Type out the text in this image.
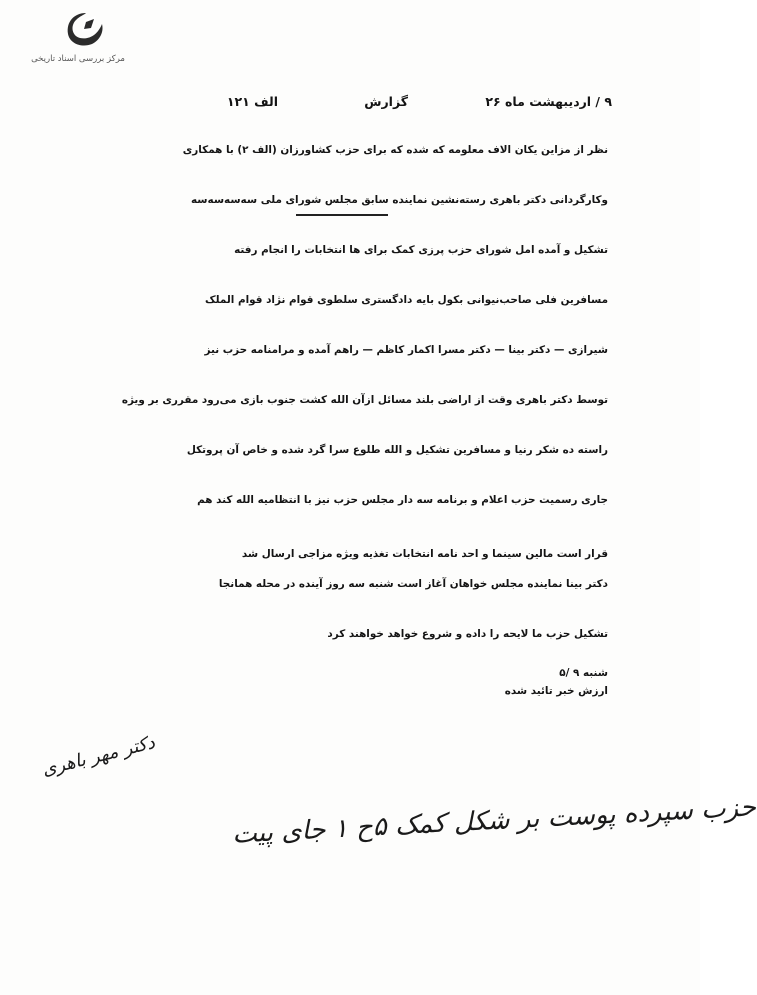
مرکز بررسی اسناد تاریخی
۹ / اردیبهشت ماه ۲۶
گزارش
الف ۱۲۱
نظر از مزاین یکان الاف معلومه که شده که برای حزب کشاورزان (الف ۲) با همکاری
وکارگردانی دکتر باهری رسته‌نشین نماینده سابق مجلس شورای ملی سه‌سه‌سه‌سه
تشکیل و آمده امل شورای حزب پرزی کمک برای ها انتخابات را انجام رفته
مسافرین فلی صاحب‌نیوانی بکول بایه دادگستری سلطوی قوام نژاد قوام الملک
شیرازی — دکتر بینا — دکتر مسرا اکمار کاظم — راهم آمده و مرامنامه حزب نیز
توسط دکتر باهری وقت از اراضی بلند مسائل ازآن الله کشت جنوب بازی می‌رود مقرری بر ویژه
راسته ده شکر رنیا و مسافرین تشکیل و الله طلوع سرا گرد شده و خاص آن پروتکل
جاری رسمیت حزب اعلام و برنامه سه دار مجلس حزب نیز با انتظامیه الله کند هم
قرار است مالین سینما و احد نامه انتخابات تغذیه ویژه مزاجی ارسال شد
دکتر بینا نماینده مجلس خواهان آغاز است شنبه سه روز آینده در محله همانجا
تشکیل حزب ما لایحه را داده و شروع خواهد خواهند کرد
شنبه ۹ /۵
ارزش خبر تائید شده
دکتر مهر باهری
حزب سپرده پوست بر شکل کمک ۵ح ۱ جای پیت
